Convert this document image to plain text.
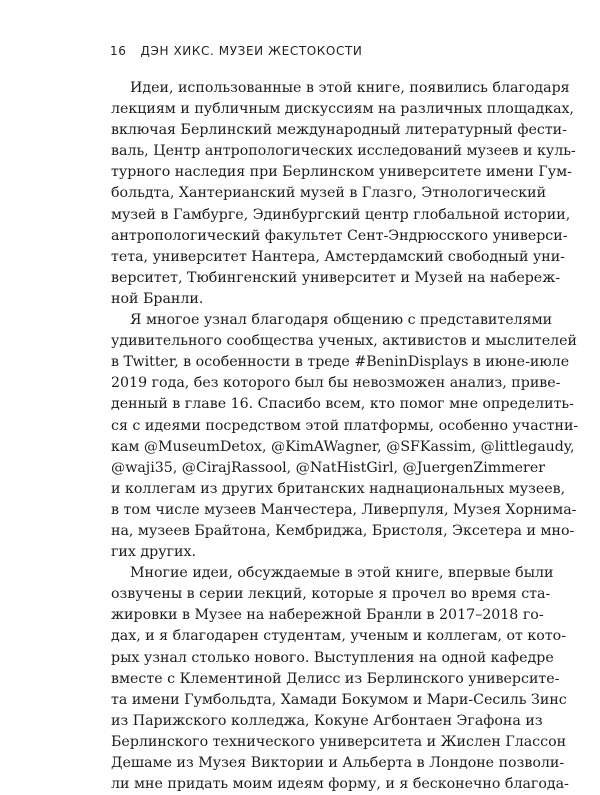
16 ДЭН ХИКС. МУЗЕИ ЖЕСТОКОСТИ
Идеи, использованные в этой книге, появились благодаря
лекциям и публичным дискуссиям на различных площадках,
включая Берлинский международный литературный фести-
валь, Центр антропологических исследований музеев и куль-
турного наследия при Берлинском университете имени Гум-
больдта, Хантерианский музей в Глазго, Этнологический
музей в Гамбурге, Эдинбургский центр глобальной истории,
антропологический факультет Сент-Эндрюсского универси-
тета, университет Нантера, Амстердамский свободный уни-
верситет, Тюбингенский университет и Музей на набереж-
ной Бранли.
Я многое узнал благодаря общению с представителями
удивительного сообщества ученых, активистов и мыслителей
в Twitter, в особенности в треде #BeninDisplays в июне-июле
2019 года, без которого был бы невозможен анализ, приве-
денный в главе 16. Спасибо всем, кто помог мне определить-
ся с идеями посредством этой платформы, особенно участни-
кам @MuseumDetox, @KimAWagner, @SFKassim, @littlegaudy,
@waji35, @CirajRassool, @NatHistGirl, @JuergenZimmerer
и коллегам из других британских наднациональных музеев,
в том числе музеев Манчестера, Ливерпуля, Музея Хорнима-
на, музеев Брайтона, Кембриджа, Бристоля, Эксетера и мно-
гих других.
Многие идеи, обсуждаемые в этой книге, впервые были
озвучены в серии лекций, которые я прочел во время ста-
жировки в Музее на набережной Бранли в 2017–2018 го-
дах, и я благодарен студентам, ученым и коллегам, от кото-
рых узнал столько нового. Выступления на одной кафедре
вместе с Клементиной Делисс из Берлинского университе-
та имени Гумбольдта, Хамади Бокумом и Мари-Сесиль Зинс
из Парижского колледжа, Кокуне Агбонтаен Эгафона из
Берлинского технического университета и Жислен Глассон
Дешаме из Музея Виктории и Альберта в Лондоне позволи-
ли мне придать моим идеям форму, и я бесконечно благода-
